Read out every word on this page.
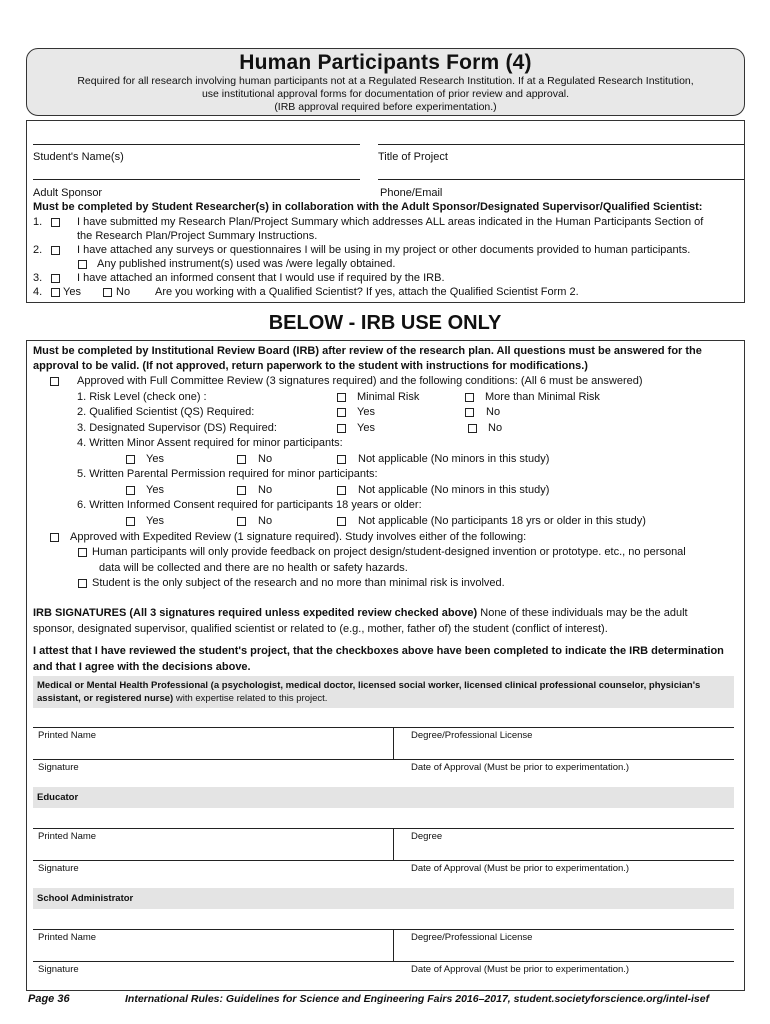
Human Participants Form (4)
Required for all research involving human participants not at a Regulated Research Institution. If at a Regulated Research Institution,
use institutional approval forms for documentation of prior review and approval.
(IRB approval required before experimentation.)
Student's Name(s)	Title of Project
Adult Sponsor	Phone/Email
Must be completed by Student Researcher(s) in collaboration with the Adult Sponsor/Designated Supervisor/Qualified Scientist:
1.	I have submitted my Research Plan/Project Summary which addresses ALL areas indicated in the Human Participants Section of
the Research Plan/Project Summary Instructions.
2.	I have attached any surveys or questionnaires I will be using in my project or other documents provided to human participants.
Any published instrument(s) used was /were legally obtained.
3.	I have attached an informed consent that I would use if required by the IRB.
4. Yes	No Are you working with a Qualified Scientist? If yes, attach the Qualified Scientist Form 2.
BELOW - IRB USE ONLY
Must be completed by Institutional Review Board (IRB) after review of the research plan. All questions must be answered for the
approval to be valid. (If not approved, return paperwork to the student with instructions for modifications.)
Approved with Full Committee Review (3 signatures required) and the following conditions: (All 6 must be answered)
1. Risk Level (check one) :	Minimal Risk	More than Minimal Risk
2. Qualified Scientist (QS) Required:	Yes	No
3. Designated Supervisor (DS) Required:	Yes	No
4. Written Minor Assent required for minor participants:
Yes	No	Not applicable (No minors in this study)
5. Written Parental Permission required for minor participants:
Yes	No	Not applicable (No minors in this study)
6. Written Informed Consent required for participants 18 years or older:
Yes	No	Not applicable (No participants 18 yrs or older in this study)
Approved with Expedited Review (1 signature required). Study involves either of the following:
Human participants will only provide feedback on project design/student-designed invention or prototype. etc., no personal
data will be collected and there are no health or safety hazards.
Student is the only subject of the research and no more than minimal risk is involved.
IRB SIGNATURES (All 3 signatures required unless expedited review checked above) None of these individuals may be the adult
sponsor, designated supervisor, qualified scientist or related to (e.g., mother, father of) the student (conflict of interest).
I attest that I have reviewed the student's project, that the checkboxes above have been completed to indicate the IRB determination
and that I agree with the decisions above.
Medical or Mental Health Professional (a psychologist, medical doctor, licensed social worker, licensed clinical professional counselor, physician's
assistant, or registered nurse) with expertise related to this project.
Printed Name	Degree/Professional License
Signature	Date of Approval (Must be prior to experimentation.)
Educator
Printed Name	Degree
Signature	Date of Approval (Must be prior to experimentation.)
School Administrator
Printed Name	Degree/Professional License
Signature	Date of Approval (Must be prior to experimentation.)
Page 36	International Rules: Guidelines for Science and Engineering Fairs 2016–2017, student.societyforscience.org/intel-isef
